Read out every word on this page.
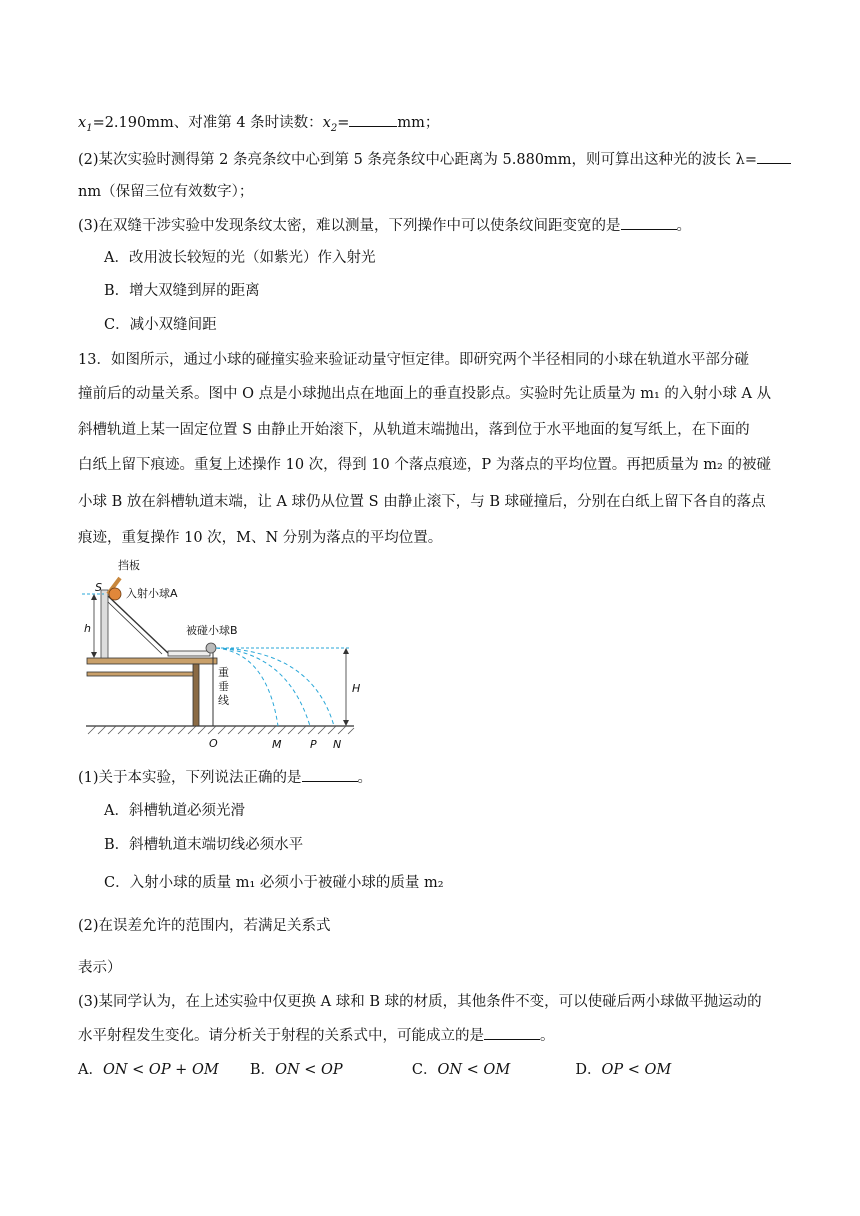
$x_1=2.190mm$、对准第 4 条时读数：$x_2=$	mm；
(2)某次实验时测得第 2 条亮条纹中心到第 5 条亮条纹中心距离为 5.880mm，则可算出这种光的波长 λ=
nm（保留三位有效数字）；
(3)在双缝干涉实验中发现条纹太密，难以测量，下列操作中可以使条纹间距变宽的是	。
A．改用波长较短的光（如紫光）作入射光
B．增大双缝到屏的距离
C．减小双缝间距
13．如图所示，通过小球的碰撞实验来验证动量守恒定律。即研究两个半径相同的小球在轨道水平部分碰
撞前后的动量关系。图中 O 点是小球抛出点在地面上的垂直投影点。实验时先让质量为 m₁ 的入射小球 A 从
斜槽轨道上某一固定位置 S 由静止开始滚下，从轨道末端抛出，落到位于水平地面的复写纸上，在下面的
白纸上留下痕迹。重复上述操作 10 次，得到 10 个落点痕迹，P 为落点的平均位置。再把质量为 m₂ 的被碰
小球 B 放在斜槽轨道末端，让 A 球仍从位置 S 由静止滚下，与 B 球碰撞后，分别在白纸上留下各自的落点
痕迹，重复操作 10 次，M、N 分别为落点的平均位置。
挡板
入射小球A
被碰小球B
S
h
H
重
垂
线
O	M	P N
(1)关于本实验，下列说法正确的是	。
A．斜槽轨道必须光滑
B．斜槽轨道末端切线必须水平
C．入射小球的质量 m₁ 必须小于被碰小球的质量 m₂
(2)在误差允许的范围内，若满足关系式
表示）
(3)某同学认为，在上述实验中仅更换 A 球和 B 球的材质，其他条件不变，可以使碰后两小球做平抛运动的
水平射程发生变化。请分析关于射程的关系式中，可能成立的是	。
A．ON < OP + OM B．ON < OP	C．ON < OM	D．OP < OM
